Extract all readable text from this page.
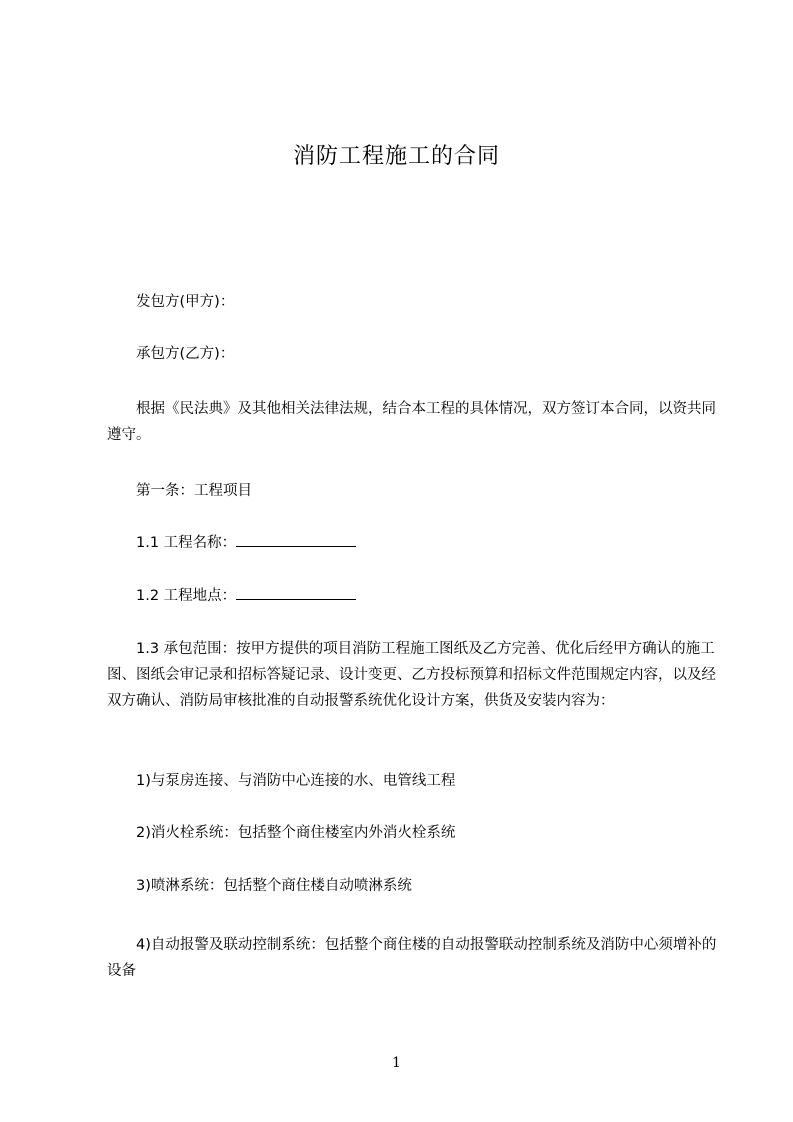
消防工程施工的合同

发包方(甲方)：

承包方(乙方)：

根据《民法典》及其他相关法律法规，结合本工程的具体情况，双方签订本合同，以资共同遵守。

第一条：工程项目

1.1 工程名称：

1.2 工程地点：

1.3 承包范围：按甲方提供的项目消防工程施工图纸及乙方完善、优化后经甲方确认的施工图、图纸会审记录和招标答疑记录、设计变更、乙方投标预算和招标文件范围规定内容，以及经双方确认、消防局审核批准的自动报警系统优化设计方案，供货及安装内容为：

1)与泵房连接、与消防中心连接的水、电管线工程

2)消火栓系统：包括整个商住楼室内外消火栓系统

3)喷淋系统：包括整个商住楼自动喷淋系统

4)自动报警及联动控制系统：包括整个商住楼的自动报警联动控制系统及消防中心须增补的设备

1
